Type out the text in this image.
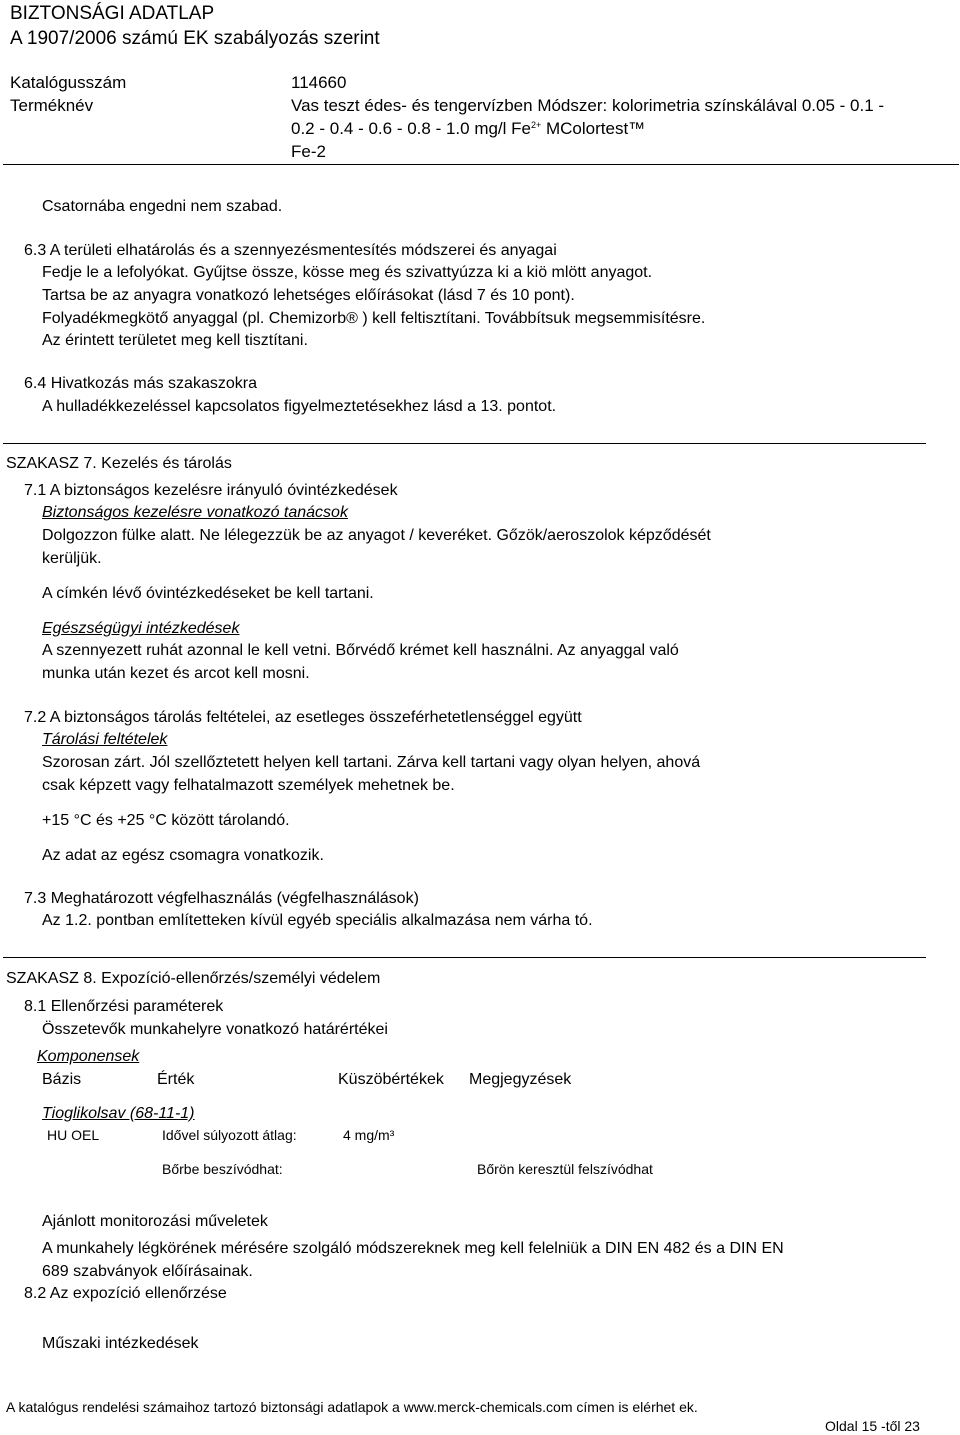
BIZTONSÁGI ADATLAP
A 1907/2006 számú EK szabályozás szerint
Katalógusszám	114660
Terméknév	Vas teszt édes- és tengervízben Módszer: kolorimetria színskálával 0.05 - 0.1 -
0.2 - 0.4 - 0.6 - 0.8 - 1.0 mg/l $Fe^{2+}$ MColortest™
Fe-2
Csatornába engedni nem szabad.
6.3 A területi elhatárolás és a szennyezésmentesítés módszerei és anyagai
Fedje le a lefolyókat. Gyűjtse össze, kösse meg és szivattyúzza ki a kiö mlött anyagot.
Tartsa be az anyagra vonatkozó lehetséges előírásokat (lásd 7 és 10 pont).
Folyadékmegkötő anyaggal (pl. Chemizorb® ) kell feltisztítani. Továbbítsuk megsemmisítésre.
Az érintett területet meg kell tisztítani.
6.4 Hivatkozás más szakaszokra
A hulladékkezeléssel kapcsolatos figyelmeztetésekhez lásd a 13. pontot.
SZAKASZ 7. Kezelés és tárolás
7.1 A biztonságos kezelésre irányuló óvintézkedések
Biztonságos kezelésre vonatkozó tanácsok
Dolgozzon fülke alatt. Ne lélegezzük be az anyagot / keveréket. Gőzök/aeroszolok képződését
kerüljük.
A címkén lévő óvintézkedéseket be kell tartani.
Egészségügyi intézkedések
A szennyezett ruhát azonnal le kell vetni. Bőrvédő krémet kell használni. Az anyaggal való
munka után kezet és arcot kell mosni.
7.2 A biztonságos tárolás feltételei, az esetleges összeférhetetlenséggel együtt
Tárolási feltételek
Szorosan zárt. Jól szellőztetett helyen kell tartani. Zárva kell tartani vagy olyan helyen, ahová
csak képzett vagy felhatalmazott személyek mehetnek be.
+15 °C és +25 °C között tárolandó.
Az adat az egész csomagra vonatkozik.
7.3 Meghatározott végfelhasználás (végfelhasználások)
Az 1.2. pontban említetteken kívül egyéb speciális alkalmazása nem várha tó.
SZAKASZ 8. Expozíció-ellenőrzés/személyi védelem
8.1 Ellenőrzési paraméterek
Összetevők munkahelyre vonatkozó határértékei
Komponensek
Bázis	Érték	Küszöbértékek Megjegyzések
Tioglikolsav (68-11-1)
HU OEL	Idővel súlyozott átlag:	4 mg/m³
Bőrbe beszívódhat:	Bőrön keresztül felszívódhat
Ajánlott monitorozási műveletek
A munkahely légkörének mérésére szolgáló módszereknek meg kell felelniük a DIN EN 482 és a DIN EN
689 szabványok előírásainak.
8.2 Az expozíció ellenőrzése
Műszaki intézkedések
A katalógus rendelési számaihoz tartozó biztonsági adatlapok a www.merck-chemicals.com címen is elérhet ek.
Oldal 15 -től 23
